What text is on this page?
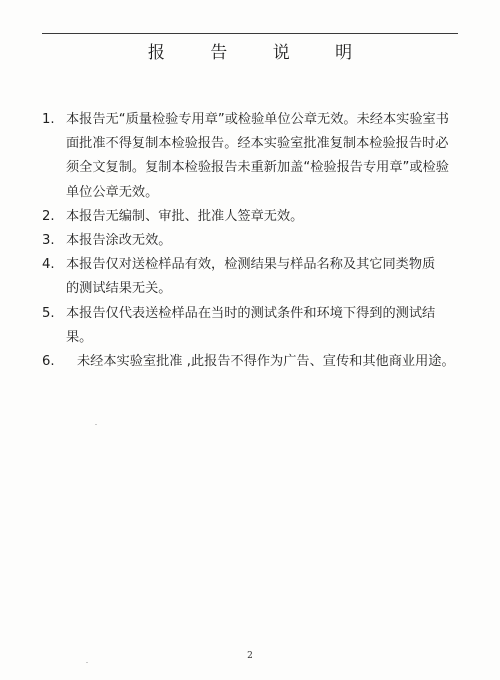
报 告 说 明
1. 本报告无“质量检验专用章”或检验单位公章无效。未经本实验室书
面批准不得复制本检验报告。经本实验室批准复制本检验报告时必
须全文复制。复制本检验报告未重新加盖“检验报告专用章”或检验
单位公章无效。
2. 本报告无编制、审批、批准人签章无效。
3. 本报告涂改无效。
4. 本报告仅对送检样品有效，检测结果与样品名称及其它同类物质
的测试结果无关。
5. 本报告仅代表送检样品在当时的测试条件和环境下得到的测试结
果。
6. 未经本实验室批准 ,此报告不得作为广告、宣传和其他商业用途。
2
